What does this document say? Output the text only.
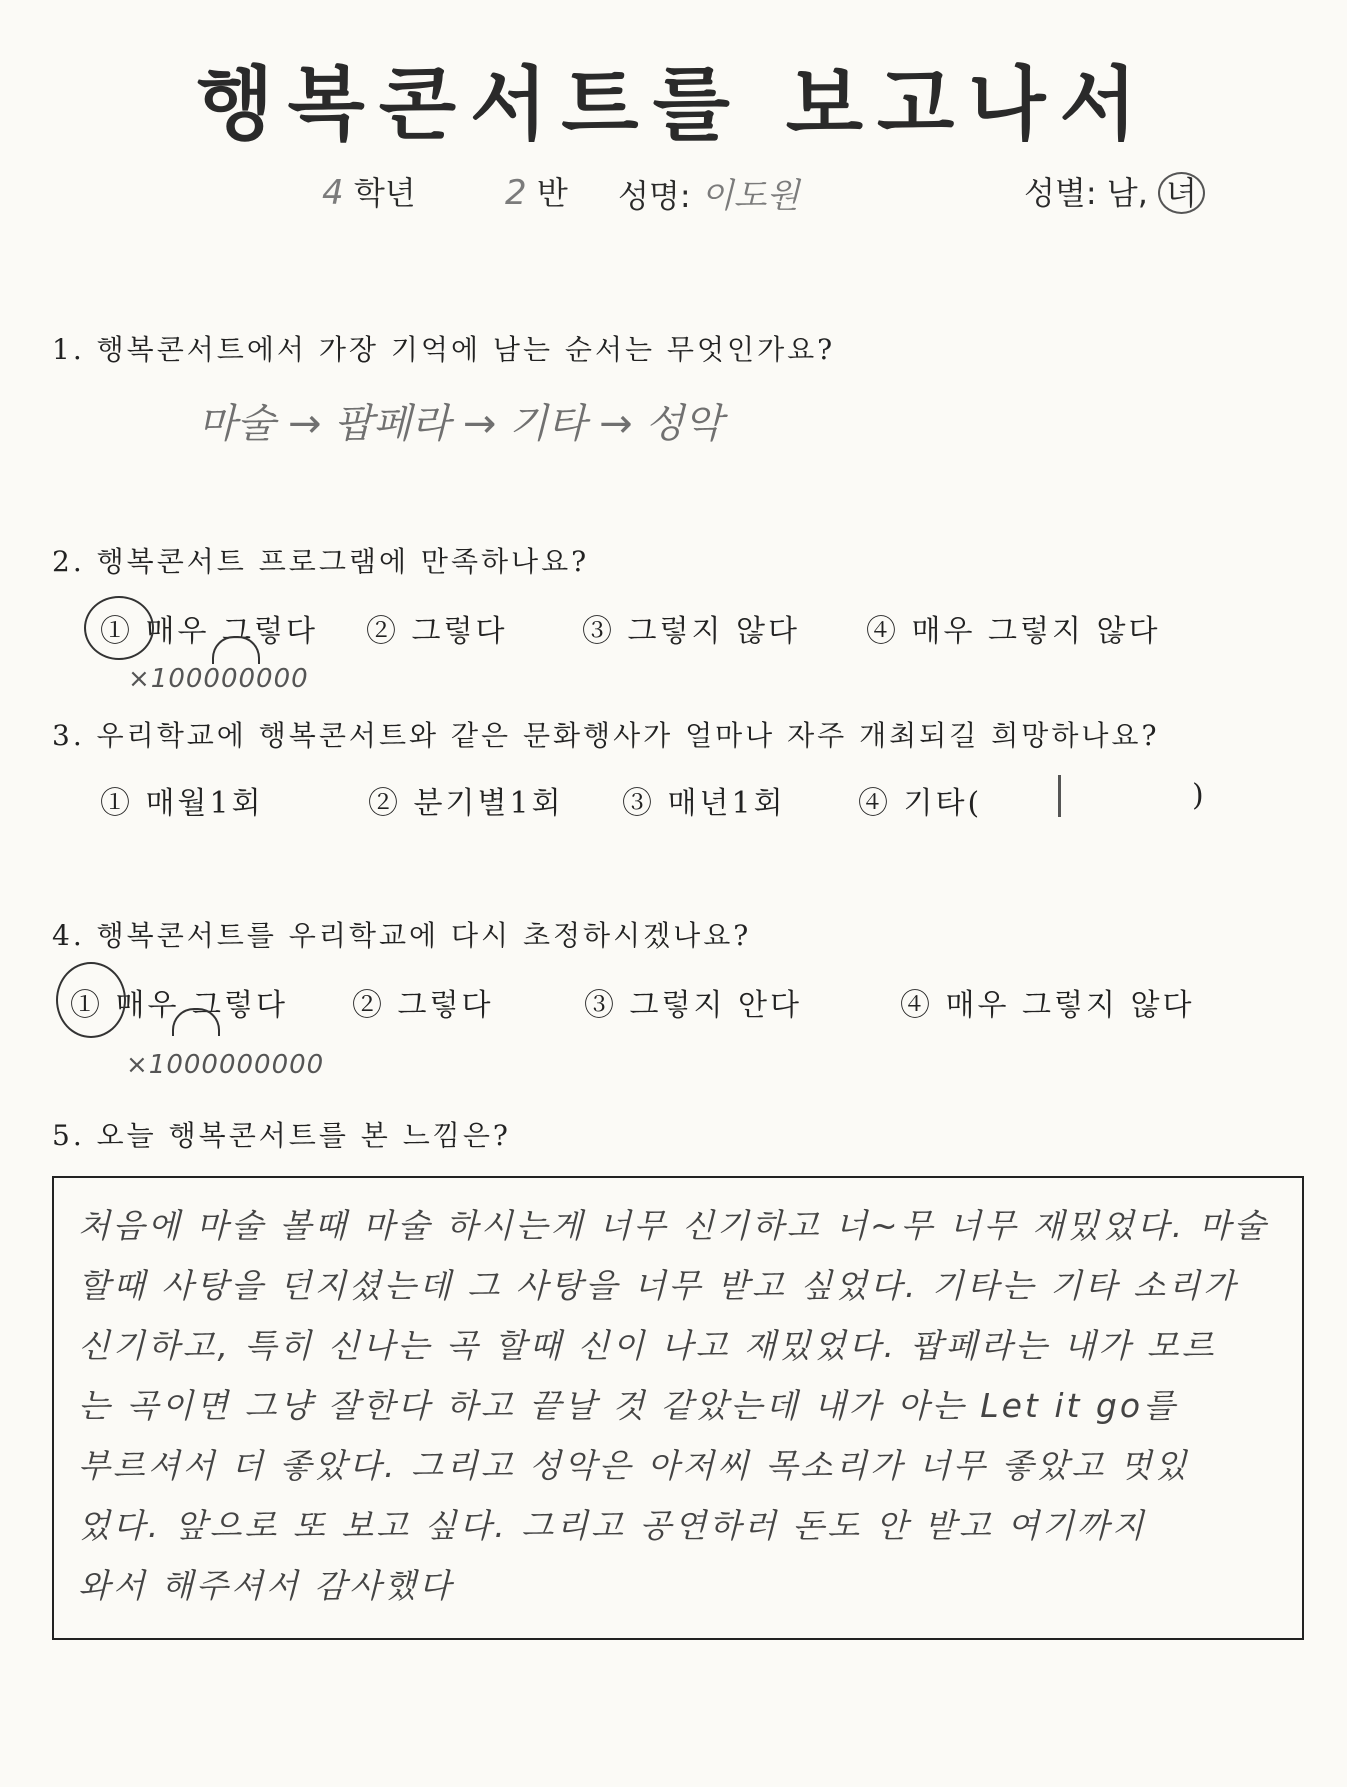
행복콘서트를 보고나서
4 학년	2 반 성명: 이도원	성별: 남, 녀
1. 행복콘서트에서 가장 기억에 남는 순서는 무엇인가요?
마술 → 팝페라 → 기타 → 성악
2. 행복콘서트 프로그램에 만족하나요?
① 매우 그렇다 ② 그렇다 ③ 그렇지 않다 ④ 매우 그렇지 않다
×100000000
3. 우리학교에 행복콘서트와 같은 문화행사가 얼마나 자주 개최되길 희망하나요?
① 매월1회	② 분기별1회 ③ 매년1회 ④ 기타(	)
4. 행복콘서트를 우리학교에 다시 초정하시겠나요?
① 매우 그렇다 ② 그렇다	③ 그렇지 안다	④ 매우 그렇지 않다
×1000000000
5. 오늘 행복콘서트를 본 느낌은?
처음에 마술 볼때 마술 하시는게 너무 신기하고 너~무 너무 재밌었다. 마술
할때 사탕을 던지셨는데 그 사탕을 너무 받고 싶었다. 기타는 기타 소리가
신기하고, 특히 신나는 곡 할때 신이 나고 재밌었다. 팝페라는 내가 모르
는 곡이면 그냥 잘한다 하고 끝날 것 같았는데 내가 아는 Let it go를
부르셔서 더 좋았다. 그리고 성악은 아저씨 목소리가 너무 좋았고 멋있
었다. 앞으로 또 보고 싶다. 그리고 공연하러 돈도 안 받고 여기까지
와서 해주셔서 감사했다
